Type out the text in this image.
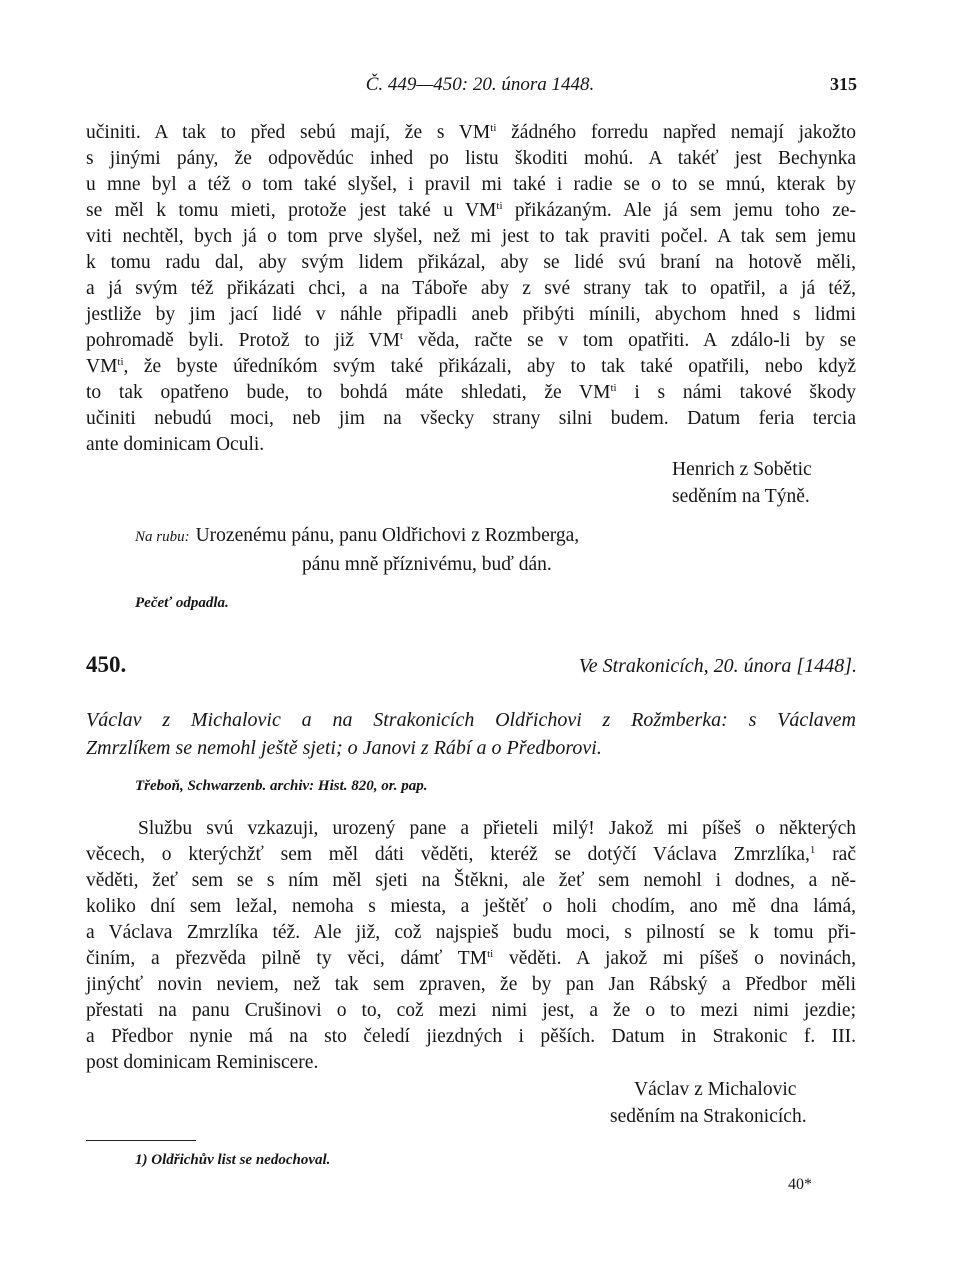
Č. 449—450: 20. února 1448.	315
učiniti. A tak to před sebú mají, že s $VM^{ti}$ žádného forredu napřed nemají jakožto
s jinými pány, že odpovědúc inhed po listu škoditi mohú. A takéť jest Bechynka
u mne byl a též o tom také slyšel, i pravil mi také i radie se o to se mnú, kterak by
se měl k tomu mieti, protože jest také u $VM^{ti}$ přikázaným. Ale já sem jemu toho ze-
viti nechtěl, bych já o tom prve slyšel, než mi jest to tak praviti počel. A tak sem jemu
k tomu radu dal, aby svým lidem přikázal, aby se lidé svú braní na hotově měli,
a já svým též přikázati chci, a na Táboře aby z své strany tak to opatřil, a já též,
jestliže by jim jací lidé v náhle připadli aneb přibýti mínili, abychom hned s lidmi
pohromadě byli. Protož to již $VM^t$ věda, račte se v tom opatřiti. A zdálo-li by se
$VM^{ti}$, že byste úředníkóm svým také přikázali, aby to tak také opatřili, nebo když
to tak opatřeno bude, to bohdá máte shledati, že $VM^{ti}$ i s námi takové škody
učiniti nebudú moci, neb jim na všecky strany silni budem. Datum feria tercia
ante dominicam Oculi.
Henrich z Sobětic
seděním na Týně.
Na rubu: Urozenému pánu, panu Oldřichovi z Rozmberga,
pánu mně příznivému, buď dán.
Pečeť odpadla.
450.	Ve Strakonicích, 20. února [1448].
Václav z Michalovic a na Strakonicích Oldřichovi z Rožmberka: s Václavem
Zmrzlíkem se nemohl ještě sjeti; o Janovi z Rábí a o Předborovi.
Třeboň, Schwarzenb. archiv: Hist. 820, or. pap.
Službu svú vzkazuji, urozený pane a přieteli milý! Jakož mi píšeš o některých
věcech, o kterýchžť sem měl dáti věděti, kteréž se dotýčí Václava Zmrzlíka,$^1$ rač
věděti, žeť sem se s ním měl sjeti na Štěkni, ale žeť sem nemohl i dodnes, a ně-
koliko dní sem ležal, nemoha s miesta, a ještěť o holi chodím, ano mě dna lámá,
a Václava Zmrzlíka též. Ale již, což najspieš budu moci, s pilností se k tomu při-
činím, a přezvěda pilně ty věci, dámť $TM^{ti}$ věděti. A jakož mi píšeš o novinách,
jinýchť novin neviem, než tak sem zpraven, že by pan Jan Rábský a Předbor měli
přestati na panu Crušinovi o to, což mezi nimi jest, a že o to mezi nimi jezdie;
a Předbor nynie má na sto čeledí jiezdných i pěších. Datum in Strakonic f. III.
post dominicam Reminiscere.
Václav z Michalovic
seděním na Strakonicích.
1) Oldřichův list se nedochoval.
40*
